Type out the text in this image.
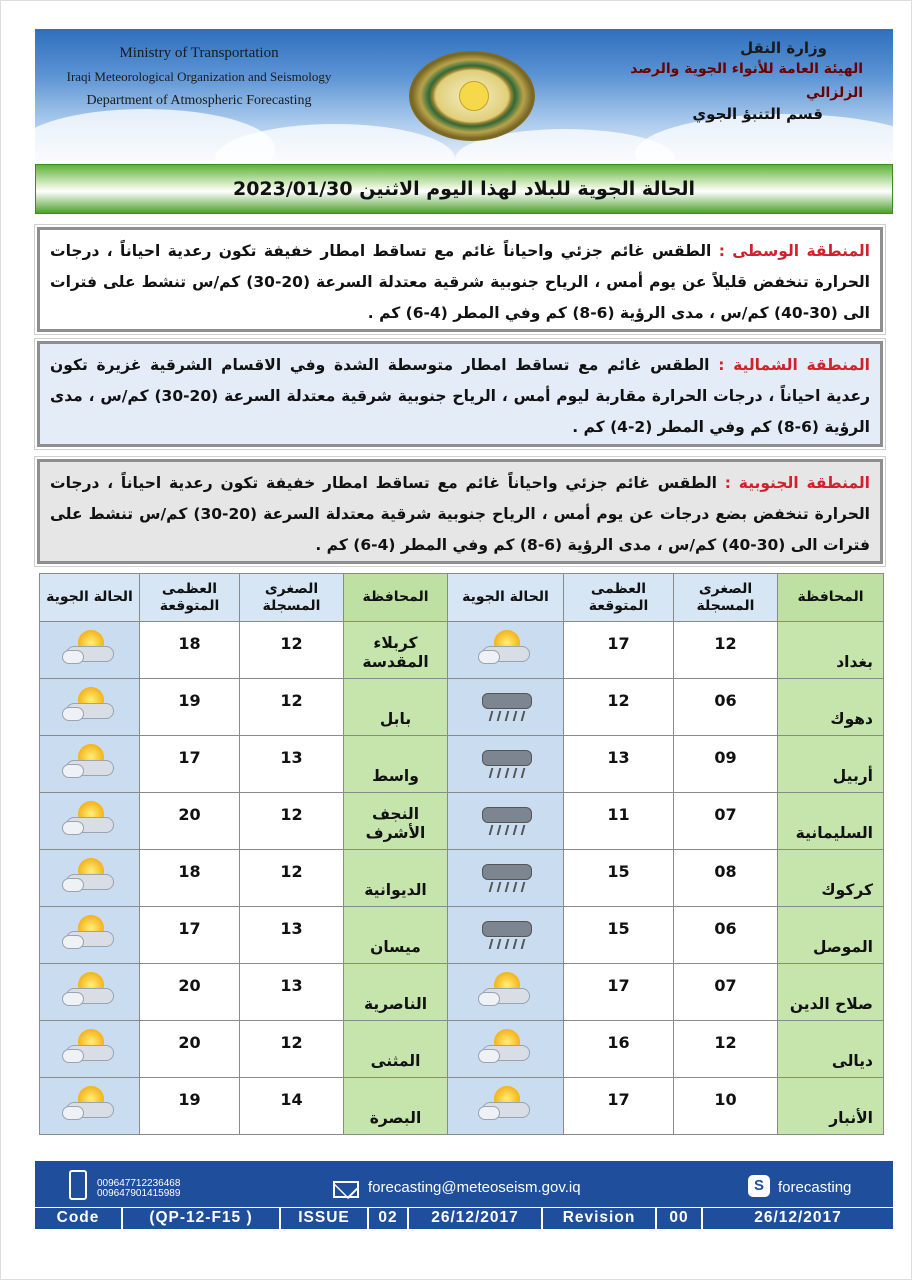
Ministry of Transportation
Iraqi Meteorological Organization and Seismology
Department of Atmospheric Forecasting
وزارة النقل
الهيئة العامة للأنواء الجوية والرصد الزلزالي
قسم التنبؤ الجوي
الحالة الجوية للبلاد لهذا اليوم الاثنين 2023/01/30
المنطقة الوسطى : الطقس غائم جزئي واحياناً غائم مع تساقط امطار خفيفة تكون رعدية احياناً ، درجات الحرارة تنخفض قليلاً عن يوم أمس ، الرياح جنوبية شرقية معتدلة السرعة (20-30) كم/س تنشط على فترات الى (30-40) كم/س ، مدى الرؤية (6-8) كم وفي المطر (4-6) كم .
المنطقة الشمالية : الطقس غائم مع تساقط امطار متوسطة الشدة وفي الاقسام الشرقية غزيرة تكون رعدية احياناً ، درجات الحرارة مقاربة ليوم أمس ، الرياح جنوبية شرقية معتدلة السرعة (20-30) كم/س ، مدى الرؤية (6-8) كم وفي المطر (2-4) كم .
المنطقة الجنوبية : الطقس غائم جزئي واحياناً غائم مع تساقط امطار خفيفة تكون رعدية احياناً ، درجات الحرارة تنخفض بضع درجات عن يوم أمس ، الرياح جنوبية شرقية معتدلة السرعة (20-30) كم/س تنشط على فترات الى (30-40) كم/س ، مدى الرؤية (6-8) كم وفي المطر (4-6) كم .
المحافظة	الصغرى المسجلة	العظمى المتوقعة	الحالة الجوية	المحافظة	الصغرى المسجلة	العظمى المتوقعة	الحالة الجوية
بغداد	12	17		كربلاء المقدسة	12	18	

دهوك	06	12		بابل	12	19	

أربيل	09	13		واسط	13	17	

السليمانية	07	11		النجف الأشرف	12	20	

كركوك	08	15		الديوانية	12	18	

الموصل	06	15		ميسان	13	17	

صلاح الدين	07	17		الناصرية	13	20	

ديالى	12	16		المثنى	12	20	

الأنبار	10	17		البصرة	14	19	
009647712236468
009647901415989	forecasting@meteoseism.gov.iq	S forecasting
Code	(QP-12-F15 )	ISSUE	02	26/12/2017	Revision	00	26/12/2017
